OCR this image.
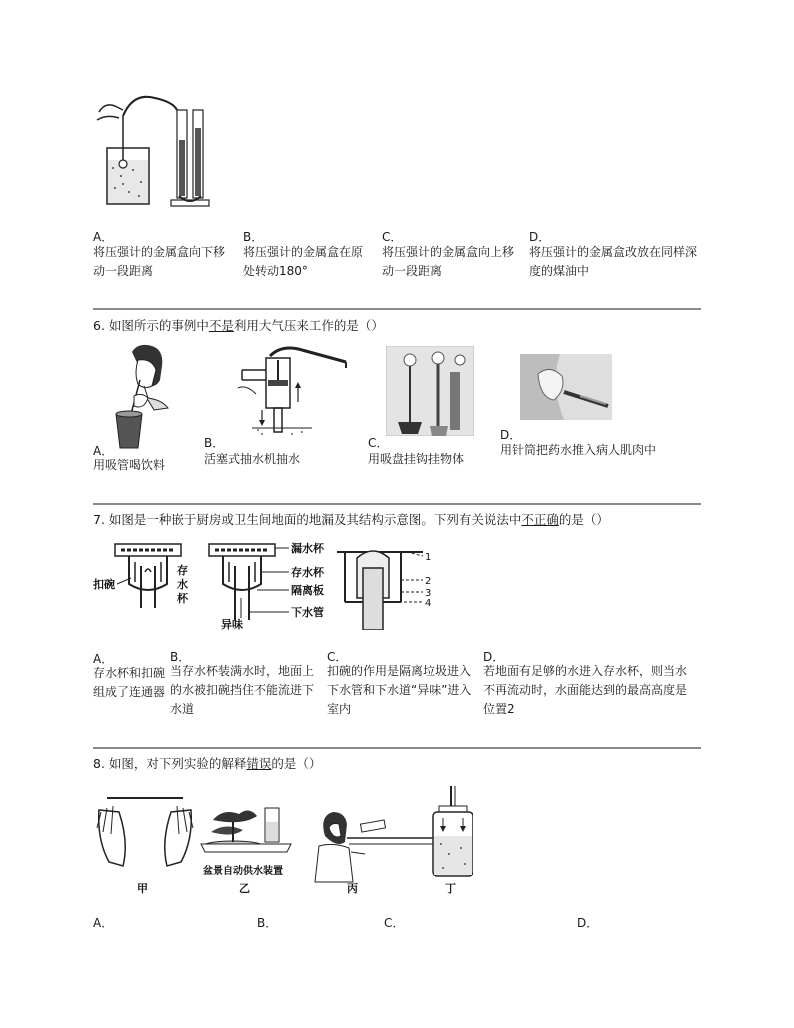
A．
将压强计的金属盒向下移动一段距离
B．
将压强计的金属盒在原处转动180°
C．
将压强计的金属盒向上移动一段距离
D．
将压强计的金属盒改放在同样深度的煤油中
6. 如图所示的事例中不是利用大气压来工作的是（）
A．
用吸管喝饮料
B．
活塞式抽水机抽水
C．
用吸盘挂钩挂物体
D．
用针筒把药水推入病人肌肉中
7. 如图是一种嵌于厨房或卫生间地面的地漏及其结构示意图。下列有关说法中不正确的是（）
扣碗
存 水 杯
异味
漏水杯
存水杯
隔离板
下水管
1
2
3
4
A．
存水杯和扣碗组成了连通器
B．
当存水杯装满水时，地面上的水被扣碗挡住不能流进下水道
C．
扣碗的作用是隔离垃圾进入下水管和下水道“异味”进入室内
D．
若地面有足够的水进入存水杯，则当水不再流动时，水面能达到的最高高度是位置2
8. 如图，对下列实验的解释错误的是（）
甲
盆景自动供水装置
乙	丙	丁
A．	B．	C．	D．
